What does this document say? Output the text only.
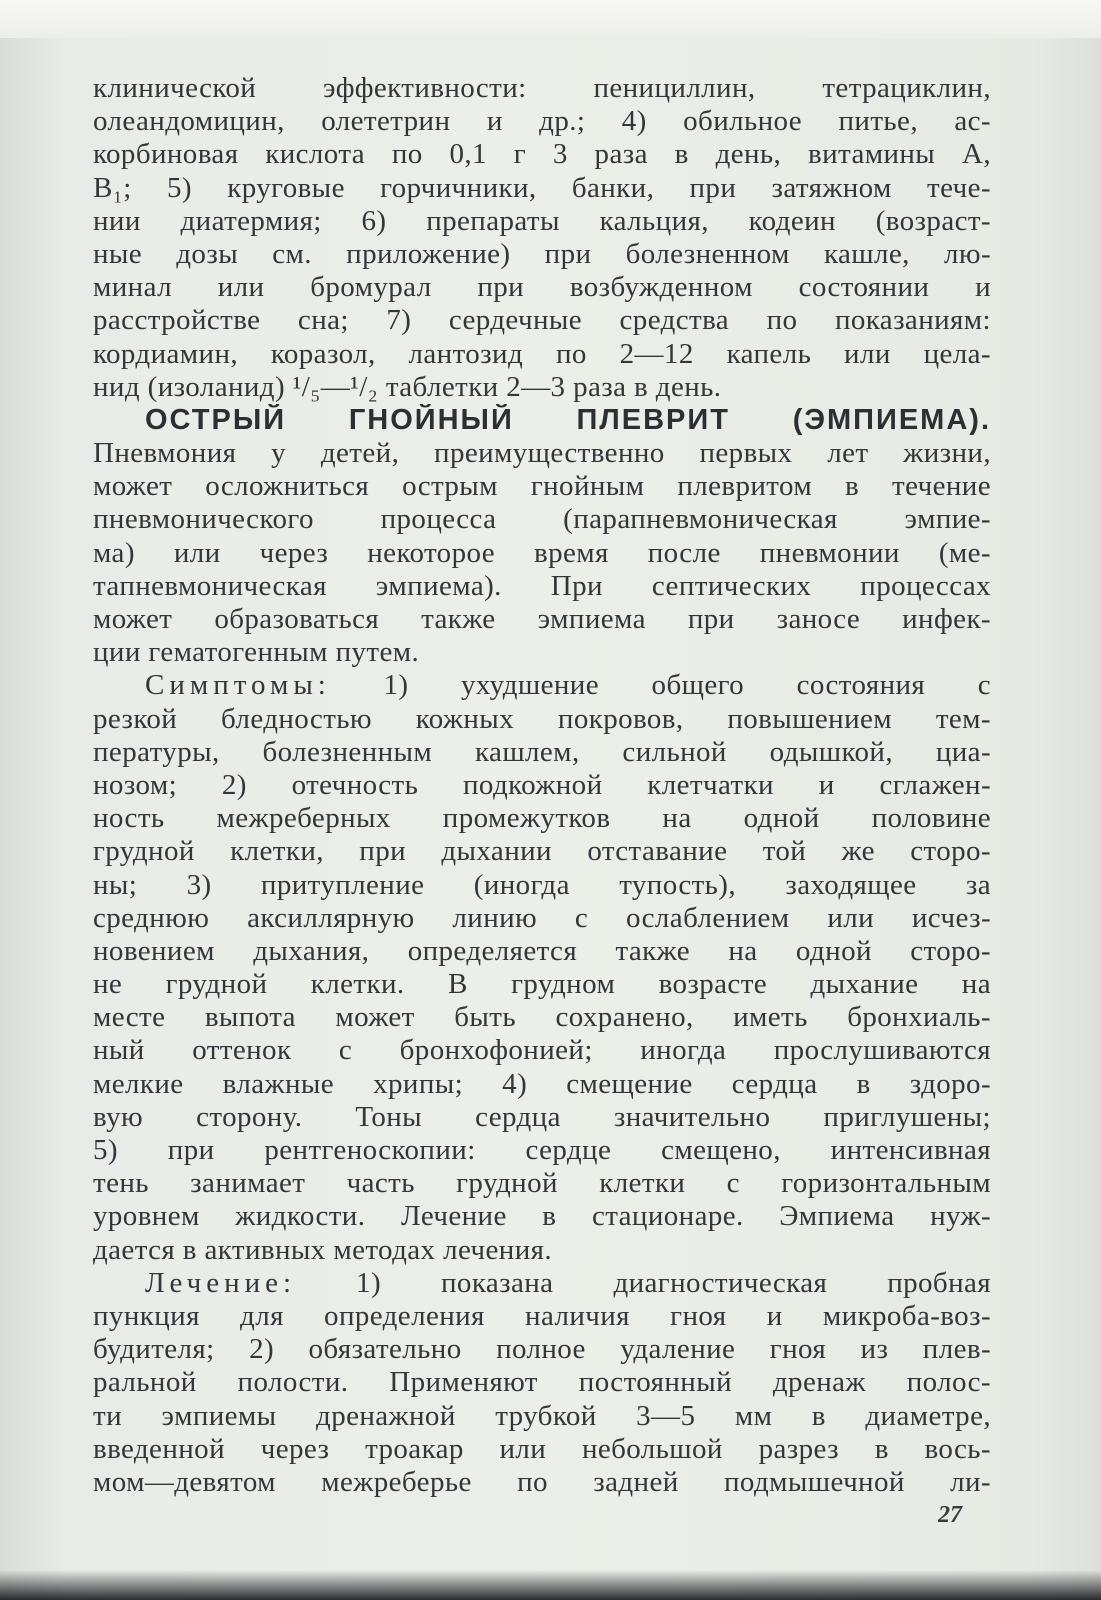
клинической эффективности: пенициллин, тетрациклин,
олеандомицин, олететрин и др.; 4) обильное питье, ас-
корбиновая кислота по 0,1 г 3 раза в день, витамины А,
B₁; 5) круговые горчичники, банки, при затяжном тече-
нии диатермия; 6) препараты кальция, кодеин (возраст-
ные дозы см. приложение) при болезненном кашле, лю-
минал или бромурал при возбужденном состоянии и
расстройстве сна; 7) сердечные средства по показаниям:
кордиамин, коразол, лантозид по 2—12 капель или цела-
нид (изоланид) ¹/₅—¹/₂ таблетки 2—3 раза в день.
ОСТРЫЙ ГНОЙНЫЙ ПЛЕВРИТ (ЭМПИЕМА).
Пневмония у детей, преимущественно первых лет жизни,
может осложниться острым гнойным плевритом в течение
пневмонического процесса (парапневмоническая эмпие-
ма) или через некоторое время после пневмонии (ме-
тапневмоническая эмпиема). При септических процессах
может образоваться также эмпиема при заносе инфек-
ции гематогенным путем.
Симптомы: 1) ухудшение общего состояния с
резкой бледностью кожных покровов, повышением тем-
пературы, болезненным кашлем, сильной одышкой, циа-
нозом; 2) отечность подкожной клетчатки и сглажен-
ность межреберных промежутков на одной половине
грудной клетки, при дыхании отставание той же сторо-
ны; 3) притупление (иногда тупость), заходящее за
среднюю аксиллярную линию с ослаблением или исчез-
новением дыхания, определяется также на одной сторо-
не грудной клетки. В грудном возрасте дыхание на
месте выпота может быть сохранено, иметь бронхиаль-
ный оттенок с бронхофонией; иногда прослушиваются
мелкие влажные хрипы; 4) смещение сердца в здоро-
вую сторону. Тоны сердца значительно приглушены;
5) при рентгеноскопии: сердце смещено, интенсивная
тень занимает часть грудной клетки с горизонтальным
уровнем жидкости. Лечение в стационаре. Эмпиема нуж-
дается в активных методах лечения.
Лечение: 1) показана диагностическая пробная
пункция для определения наличия гноя и микроба-воз-
будителя; 2) обязательно полное удаление гноя из плев-
ральной полости. Применяют постоянный дренаж полос-
ти эмпиемы дренажной трубкой 3—5 мм в диаметре,
введенной через троакар или небольшой разрез в вось-
мом—девятом межреберье по задней подмышечной ли-
27
